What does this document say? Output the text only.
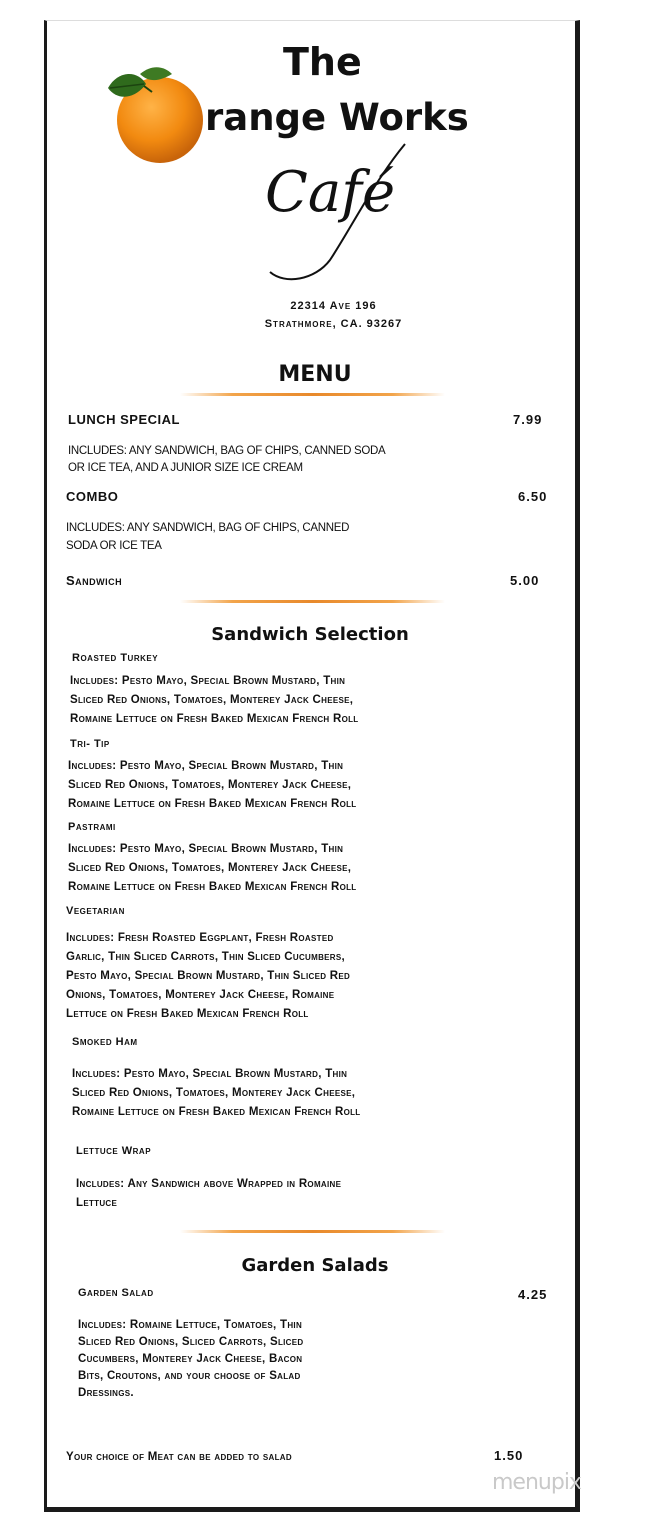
The
range Works
Café
22314 Ave 196
Strathmore, CA. 93267
MENU
LUNCH SPECIAL	7.99
INCLUDES: ANY SANDWICH, BAG OF CHIPS, CANNED SODA
OR ICE TEA, AND A JUNIOR SIZE ICE CREAM
COMBO	6.50
INCLUDES: ANY SANDWICH, BAG OF CHIPS, CANNED
SODA OR ICE TEA
Sandwich	5.00
Sandwich Selection
Roasted Turkey
Includes: Pesto Mayo, Special Brown Mustard, Thin
Sliced Red Onions, Tomatoes, Monterey Jack Cheese,
Romaine Lettuce on Fresh Baked Mexican French Roll
Tri- Tip
Includes: Pesto Mayo, Special Brown Mustard, Thin
Sliced Red Onions, Tomatoes, Monterey Jack Cheese,
Romaine Lettuce on Fresh Baked Mexican French Roll
Pastrami
Includes: Pesto Mayo, Special Brown Mustard, Thin
Sliced Red Onions, Tomatoes, Monterey Jack Cheese,
Romaine Lettuce on Fresh Baked Mexican French Roll
Vegetarian
Includes: Fresh Roasted Eggplant, Fresh Roasted
Garlic, Thin Sliced Carrots, Thin Sliced Cucumbers,
Pesto Mayo, Special Brown Mustard, Thin Sliced Red
Onions, Tomatoes, Monterey Jack Cheese, Romaine
Lettuce on Fresh Baked Mexican French Roll
Smoked Ham
Includes: Pesto Mayo, Special Brown Mustard, Thin
Sliced Red Onions, Tomatoes, Monterey Jack Cheese,
Romaine Lettuce on Fresh Baked Mexican French Roll
Lettuce Wrap
Includes: Any Sandwich above Wrapped in Romaine
Lettuce
Garden Salads
Garden Salad	4.25
Includes: Romaine Lettuce, Tomatoes, Thin
Sliced Red Onions, Sliced Carrots, Sliced
Cucumbers, Monterey Jack Cheese, Bacon
Bits, Croutons, and your choose of Salad
Dressings.
Your choice of Meat can be added to salad	1.50
menupix
